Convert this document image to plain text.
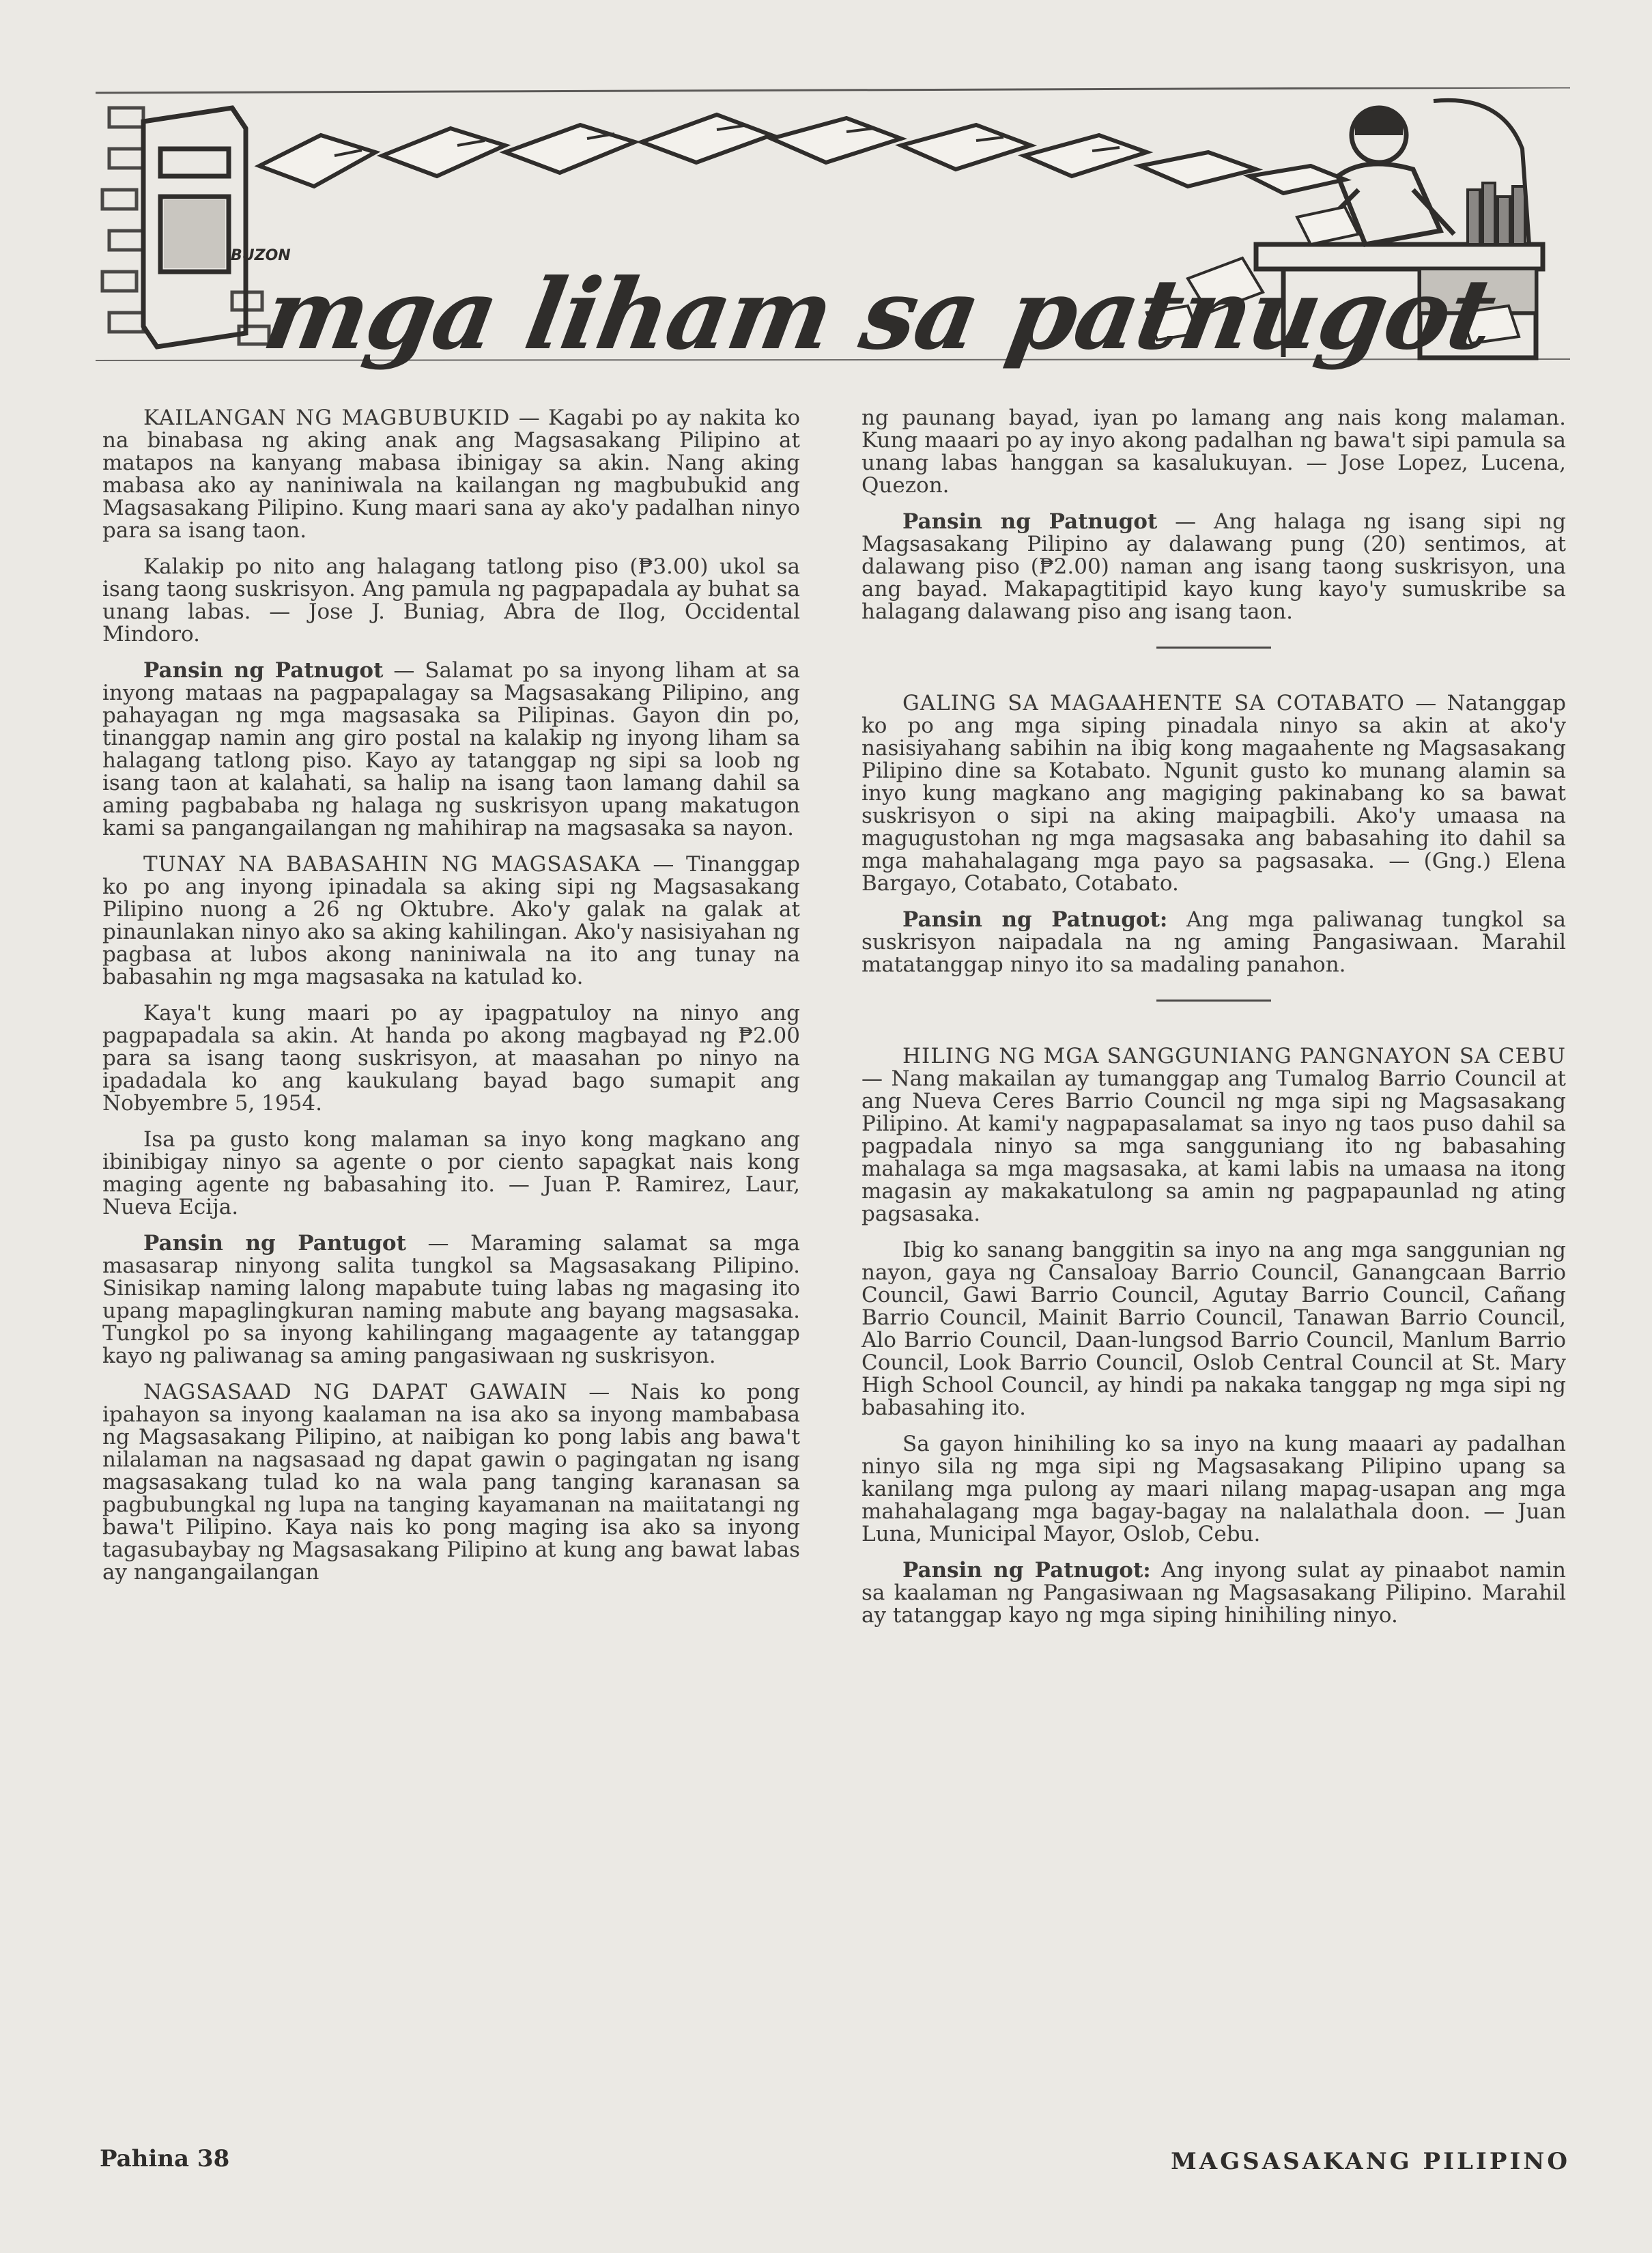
mga liham sa patnugot
BUZON

KAILANGAN NG MAGBUBUKID — Kagabi po ay nakita ko na binabasa ng aking anak ang Magsasakang Pilipino at matapos na kanyang mabasa ibinigay sa akin. Nang aking mabasa ako ay naniniwala na kailangan ng magbubukid ang Magsasakang Pilipino. Kung maari sana ay ako'y padalhan ninyo para sa isang taon.

Kalakip po nito ang halagang tatlong piso (₱3.00) ukol sa isang taong suskrisyon. Ang pamula ng pagpapadala ay buhat sa unang labas. — Jose J. Buniag, Abra de Ilog, Occidental Mindoro.

Pansin ng Patnugot — Salamat po sa inyong liham at sa inyong mataas na pagpapalagay sa Magsasakang Pilipino, ang pahayagan ng mga magsasaka sa Pilipinas. Gayon din po, tinanggap namin ang giro postal na kalakip ng inyong liham sa halagang tatlong piso. Kayo ay tatanggap ng sipi sa loob ng isang taon at kalahati, sa halip na isang taon lamang dahil sa aming pagbababa ng halaga ng suskrisyon upang makatugon kami sa pangangailangan ng mahihirap na magsasaka sa nayon.

TUNAY NA BABASAHIN NG MAGSASAKA — Tinanggap ko po ang inyong ipinadala sa aking sipi ng Magsasakang Pilipino nuong a 26 ng Oktubre. Ako'y galak na galak at pinaunlakan ninyo ako sa aking kahilingan. Ako'y nasisiyahan ng pagbasa at lubos akong naniniwala na ito ang tunay na babasahin ng mga magsasaka na katulad ko.

Kaya't kung maari po ay ipagpatuloy na ninyo ang pagpapadala sa akin. At handa po akong magbayad ng ₱2.00 para sa isang taong suskrisyon, at maasahan po ninyo na ipadadala ko ang kaukulang bayad bago sumapit ang Nobyembre 5, 1954.

Isa pa gusto kong malaman sa inyo kong magkano ang ibinibigay ninyo sa agente o por ciento sapagkat nais kong maging agente ng babasahing ito. — Juan P. Ramirez, Laur, Nueva Ecija.

Pansin ng Pantugot — Maraming salamat sa mga masasarap ninyong salita tungkol sa Magsasakang Pilipino. Sinisikap naming lalong mapabute tuing labas ng magasing ito upang mapaglingkuran naming mabute ang bayang magsasaka. Tungkol po sa inyong kahilingang magaagente ay tatanggap kayo ng paliwanag sa aming pangasiwaan ng suskrisyon.

NAGSASAAD NG DAPAT GAWAIN — Nais ko pong ipahayon sa inyong kaalaman na isa ako sa inyong mambabasa ng Magsasakang Pilipino, at naibigan ko pong labis ang bawa't nilalaman na nagsasaad ng dapat gawin o pagingatan ng isang magsasakang tulad ko na wala pang tanging karanasan sa pagbubungkal ng lupa na tanging kayamanan na maiitatangi ng bawa't Pilipino. Kaya nais ko pong maging isa ako sa inyong tagasubaybay ng Magsasakang Pilipino at kung ang bawat labas ay nangangailangan

ng paunang bayad, iyan po lamang ang nais kong malaman. Kung maaari po ay inyo akong padalhan ng bawa't sipi pamula sa unang labas hanggan sa kasalukuyan. — Jose Lopez, Lucena, Quezon.

Pansin ng Patnugot — Ang halaga ng isang sipi ng Magsasakang Pilipino ay dalawang pung (20) sentimos, at dalawang piso (₱2.00) naman ang isang taong suskrisyon, una ang bayad. Makapagtitipid kayo kung kayo'y sumuskribe sa halagang dalawang piso ang isang taon.

GALING SA MAGAAHENTE SA COTABATO — Natanggap ko po ang mga siping pinadala ninyo sa akin at ako'y nasisiyahang sabihin na ibig kong magaahente ng Magsasakang Pilipino dine sa Kotabato. Ngunit gusto ko munang alamin sa inyo kung magkano ang magiging pakinabang ko sa bawat suskrisyon o sipi na aking maipagbili. Ako'y umaasa na magugustohan ng mga magsasaka ang babasahing ito dahil sa mga mahahalagang mga payo sa pagsasaka. — (Gng.) Elena Bargayo, Cotabato, Cotabato.

Pansin ng Patnugot: Ang mga paliwanag tungkol sa suskrisyon naipadala na ng aming Pangasiwaan. Marahil matatanggap ninyo ito sa madaling panahon.

HILING NG MGA SANGGUNIANG PANGNAYON SA CEBU — Nang makailan ay tumanggap ang Tumalog Barrio Council at ang Nueva Ceres Barrio Council ng mga sipi ng Magsasakang Pilipino. At kami'y nagpapasalamat sa inyo ng taos puso dahil sa pagpadala ninyo sa mga sangguniang ito ng babasahing mahalaga sa mga magsasaka, at kami labis na umaasa na itong magasin ay makakatulong sa amin ng pagpapaunlad ng ating pagsasaka.

Ibig ko sanang banggitin sa inyo na ang mga sanggunian ng nayon, gaya ng Cansaloay Barrio Council, Ganangcaan Barrio Council, Gawi Barrio Council, Agutay Barrio Council, Cañang Barrio Council, Mainit Barrio Council, Tanawan Barrio Council, Alo Barrio Council, Daan-lungsod Barrio Council, Manlum Barrio Council, Look Barrio Council, Oslob Central Council at St. Mary High School Council, ay hindi pa nakaka tanggap ng mga sipi ng babasahing ito.

Sa gayon hinihiling ko sa inyo na kung maaari ay padalhan ninyo sila ng mga sipi ng Magsasakang Pilipino upang sa kanilang mga pulong ay maari nilang mapag-usapan ang mga mahahalagang mga bagay-bagay na nalalathala doon. — Juan Luna, Municipal Mayor, Oslob, Cebu.

Pansin ng Patnugot: Ang inyong sulat ay pinaabot namin sa kaalaman ng Pangasiwaan ng Magsasakang Pilipino. Marahil ay tatanggap kayo ng mga siping hinihiling ninyo.

Pahina 38	MAGSASAKANG PILIPINO
